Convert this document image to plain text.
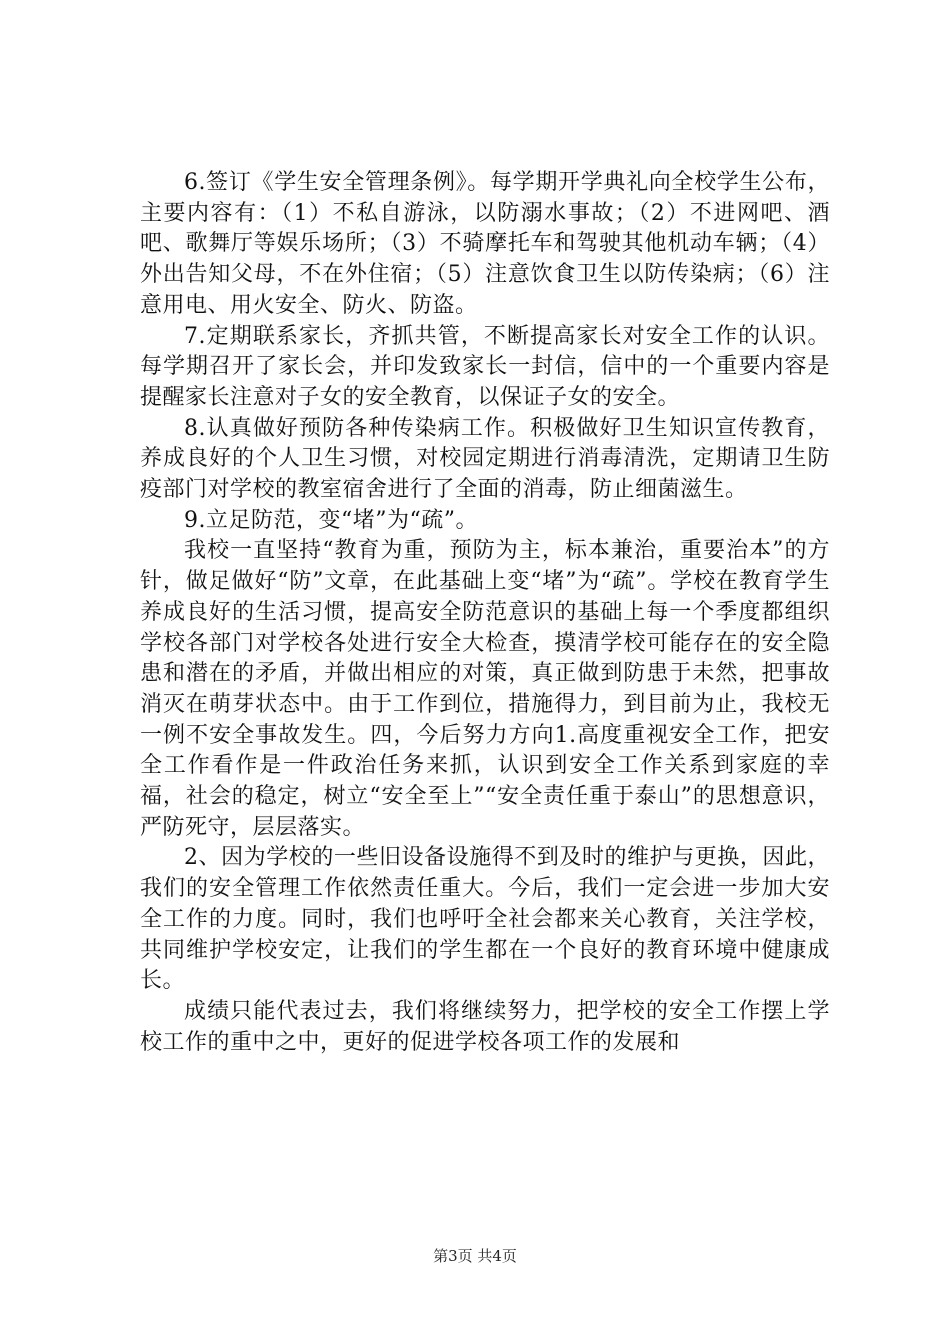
6.签订《学生安全管理条例》。每学期开学典礼向全校学生公布，主要内容有：（1）不私自游泳，以防溺水事故；（2）不进网吧、酒吧、歌舞厅等娱乐场所；（3）不骑摩托车和驾驶其他机动车辆；（4）外出告知父母，不在外住宿；（5）注意饮食卫生以防传染病；（6）注意用电、用火安全、防火、防盗。

7.定期联系家长，齐抓共管，不断提高家长对安全工作的认识。每学期召开了家长会，并印发致家长一封信，信中的一个重要内容是提醒家长注意对子女的安全教育，以保证子女的安全。

8.认真做好预防各种传染病工作。积极做好卫生知识宣传教育，养成良好的个人卫生习惯，对校园定期进行消毒清洗，定期请卫生防疫部门对学校的教室宿舍进行了全面的消毒，防止细菌滋生。

9.立足防范，变“堵”为“疏”。

我校一直坚持“教育为重，预防为主，标本兼治，重要治本”的方针，做足做好“防”文章，在此基础上变“堵”为“疏”。学校在教育学生养成良好的生活习惯，提高安全防范意识的基础上每一个季度都组织学校各部门对学校各处进行安全大检查，摸清学校可能存在的安全隐患和潜在的矛盾，并做出相应的对策，真正做到防患于未然，把事故消灭在萌芽状态中。由于工作到位，措施得力，到目前为止，我校无一例不安全事故发生。四，今后努力方向1.高度重视安全工作，把安全工作看作是一件政治任务来抓，认识到安全工作关系到家庭的幸福，社会的稳定，树立“安全至上”“安全责任重于泰山”的思想意识，严防死守，层层落实。

2、因为学校的一些旧设备设施得不到及时的维护与更换，因此，我们的安全管理工作依然责任重大。今后，我们一定会进一步加大安全工作的力度。同时，我们也呼吁全社会都来关心教育，关注学校，共同维护学校安定，让我们的学生都在一个良好的教育环境中健康成长。

成绩只能代表过去，我们将继续努力，把学校的安全工作摆上学校工作的重中之中，更好的促进学校各项工作的发展和

第3页 共4页
